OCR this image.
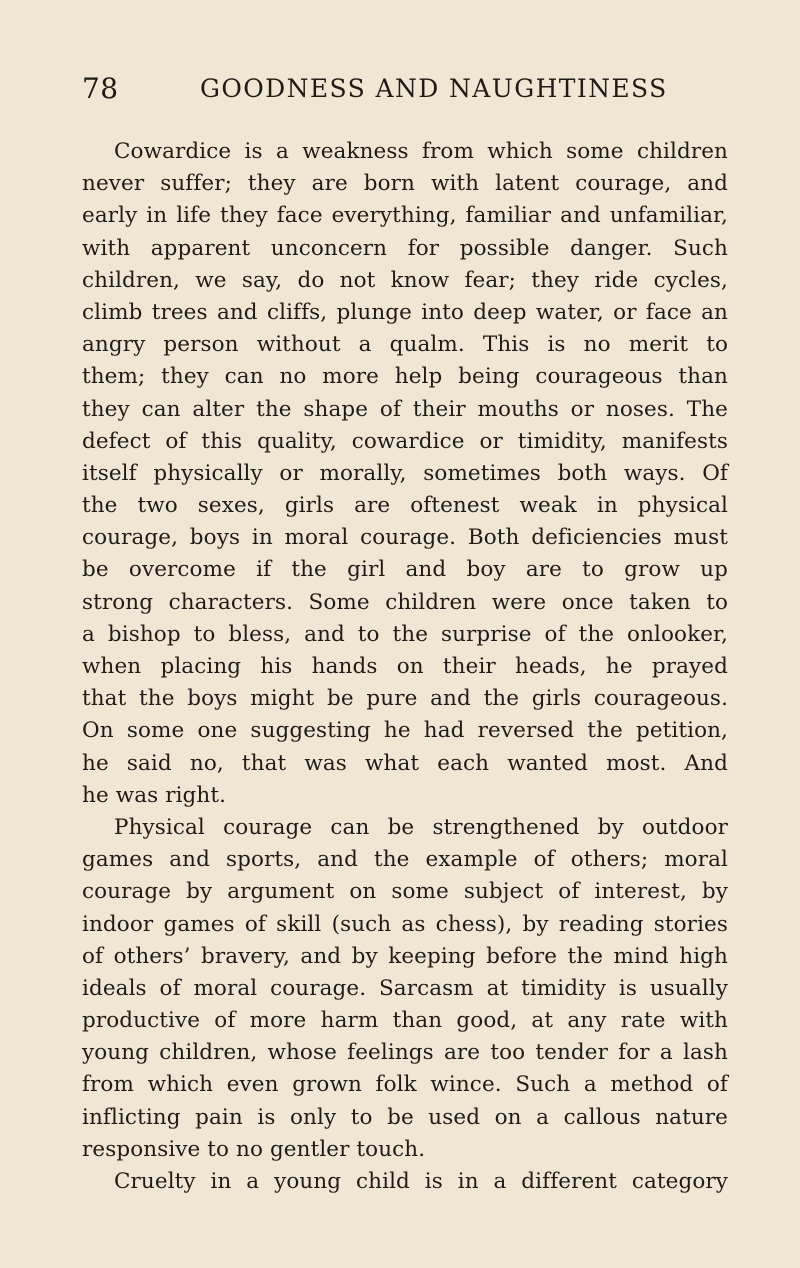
78	GOODNESS AND NAUGHTINESS
Cowardice is a weakness from which some children
never suffer; they are born with latent courage, and
early in life they face everything, familiar and unfamiliar,
with apparent unconcern for possible danger. Such
children, we say, do not know fear; they ride cycles,
climb trees and cliffs, plunge into deep water, or face an
angry person without a qualm. This is no merit to
them; they can no more help being courageous than
they can alter the shape of their mouths or noses. The
defect of this quality, cowardice or timidity, manifests
itself physically or morally, sometimes both ways. Of
the two sexes, girls are oftenest weak in physical
courage, boys in moral courage. Both deficiencies must
be overcome if the girl and boy are to grow up
strong characters. Some children were once taken to
a bishop to bless, and to the surprise of the onlooker,
when placing his hands on their heads, he prayed
that the boys might be pure and the girls courageous.
On some one suggesting he had reversed the petition,
he said no, that was what each wanted most. And
he was right.
Physical courage can be strengthened by outdoor
games and sports, and the example of others; moral
courage by argument on some subject of interest, by
indoor games of skill (such as chess), by reading stories
of others’ bravery, and by keeping before the mind high
ideals of moral courage. Sarcasm at timidity is usually
productive of more harm than good, at any rate with
young children, whose feelings are too tender for a lash
from which even grown folk wince. Such a method of
inflicting pain is only to be used on a callous nature
responsive to no gentler touch.
Cruelty in a young child is in a different category
